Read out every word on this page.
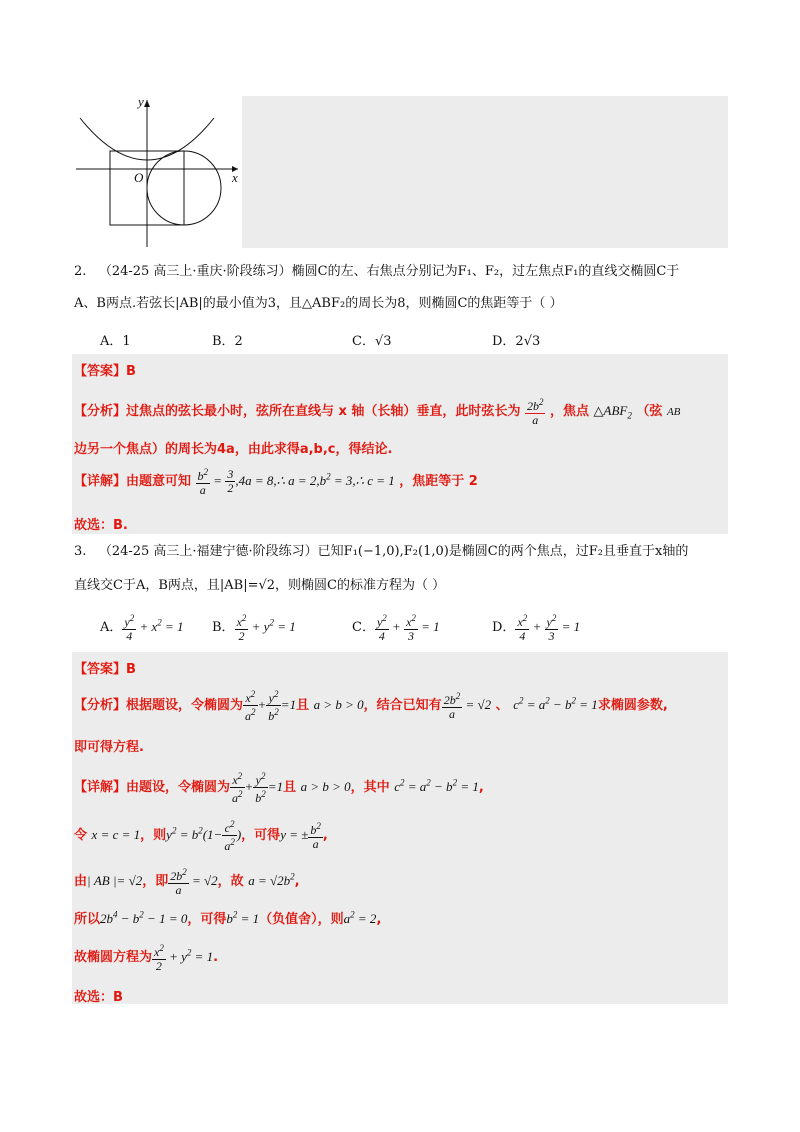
y
x
O
2. （24-25 高三上·重庆·阶段练习）椭圆C的左、右焦点分别记为F₁、F₂，过左焦点F₁的直线交椭圆C于
A、B两点.若弦长|AB|的最小值为3，且△ABF₂的周长为8，则椭圆C的焦距等于（ ）
A．1	B．2	C．√3	D．2√3
【答案】B
【分析】过焦点的弦长最小时，弦所在直线与 x 轴（长轴）垂直，此时弦长为 $\frac{2b^2}{a}$ ，焦点 $\triangle ABF_2$ （弦 AB
边另一个焦点）的周长为4a，由此求得a,b,c，得结论.
【详解】由题意可知 $\frac{b^2}{a} = \frac{3}{2} ,4a$ = 8,∴ $a = 2,b^2$ = 3,∴ c = 1 ，焦距等于 2
故选：B.
3. （24-25 高三上·福建宁德·阶段练习）已知F₁(−1,0),F₂(1,0)是椭圆C的两个焦点，过F₂且垂直于x轴的
直线交C于A，B两点，且|AB|=√2，则椭圆C的标准方程为（ ）
A． $\frac{y^2}{4} + x^2 = 1$ B． $\frac{x^2}{2} + y^2 = 1$	C． $\frac{y^2}{4} + \frac{x^2}{3} = 1$	D． $\frac{x^2}{4} + \frac{y^2}{3} = 1$
【答案】B
【分析】根据题设，令椭圆为 $\frac{x^2}{a^2} + \frac{y^2}{b^2} =1$且 a > b > 0，结合已知有 $\frac{2b^2}{a} = √2$ 、 $c^2 = a^2 - b^2 = 1$求椭圆参数,
即可得方程.
【详解】由题设，令椭圆为 $\frac{x^2}{a^2} + \frac{y^2}{b^2} =1$且 a > b > 0，其中 $c^2 = a^2 - b^2 = 1$,
令 x = c = 1，则$y^2 = b^2(1- \frac{c^2}{a^2}$ )，可得y = ± $\frac{b^2}{a}$ ,
由| AB |= √2，即 $\frac{2b^2}{a} = √2$，故 $a = √2b^2$,
所以$2b^4 - b^2 - 1 = 0$，可得$b^2 = 1$（负值舍），则$a^2 = 2$,
故椭圆方程为 $\frac{x^2}{2} + y^2 = 1$.
故选：B
